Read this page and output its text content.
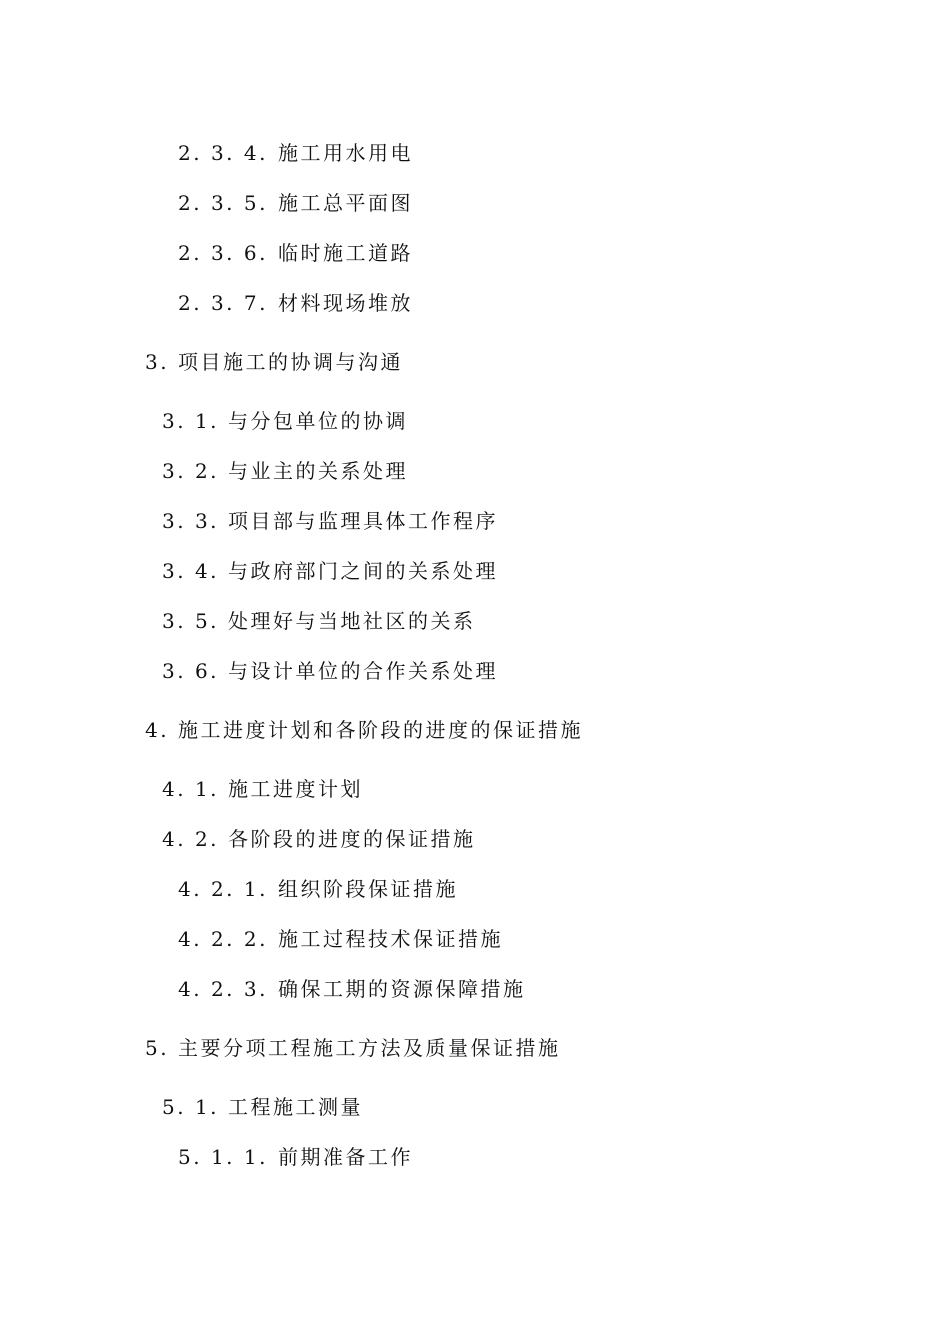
2. 3. 4. 施工用水用电
2. 3. 5. 施工总平面图
2. 3. 6. 临时施工道路
2. 3. 7. 材料现场堆放
3. 项目施工的协调与沟通
3. 1. 与分包单位的协调
3. 2. 与业主的关系处理
3. 3. 项目部与监理具体工作程序
3. 4. 与政府部门之间的关系处理
3. 5. 处理好与当地社区的关系
3. 6. 与设计单位的合作关系处理
4. 施工进度计划和各阶段的进度的保证措施
4. 1. 施工进度计划
4. 2. 各阶段的进度的保证措施
4. 2. 1. 组织阶段保证措施
4. 2. 2. 施工过程技术保证措施
4. 2. 3. 确保工期的资源保障措施
5. 主要分项工程施工方法及质量保证措施
5. 1. 工程施工测量
5. 1. 1. 前期准备工作
